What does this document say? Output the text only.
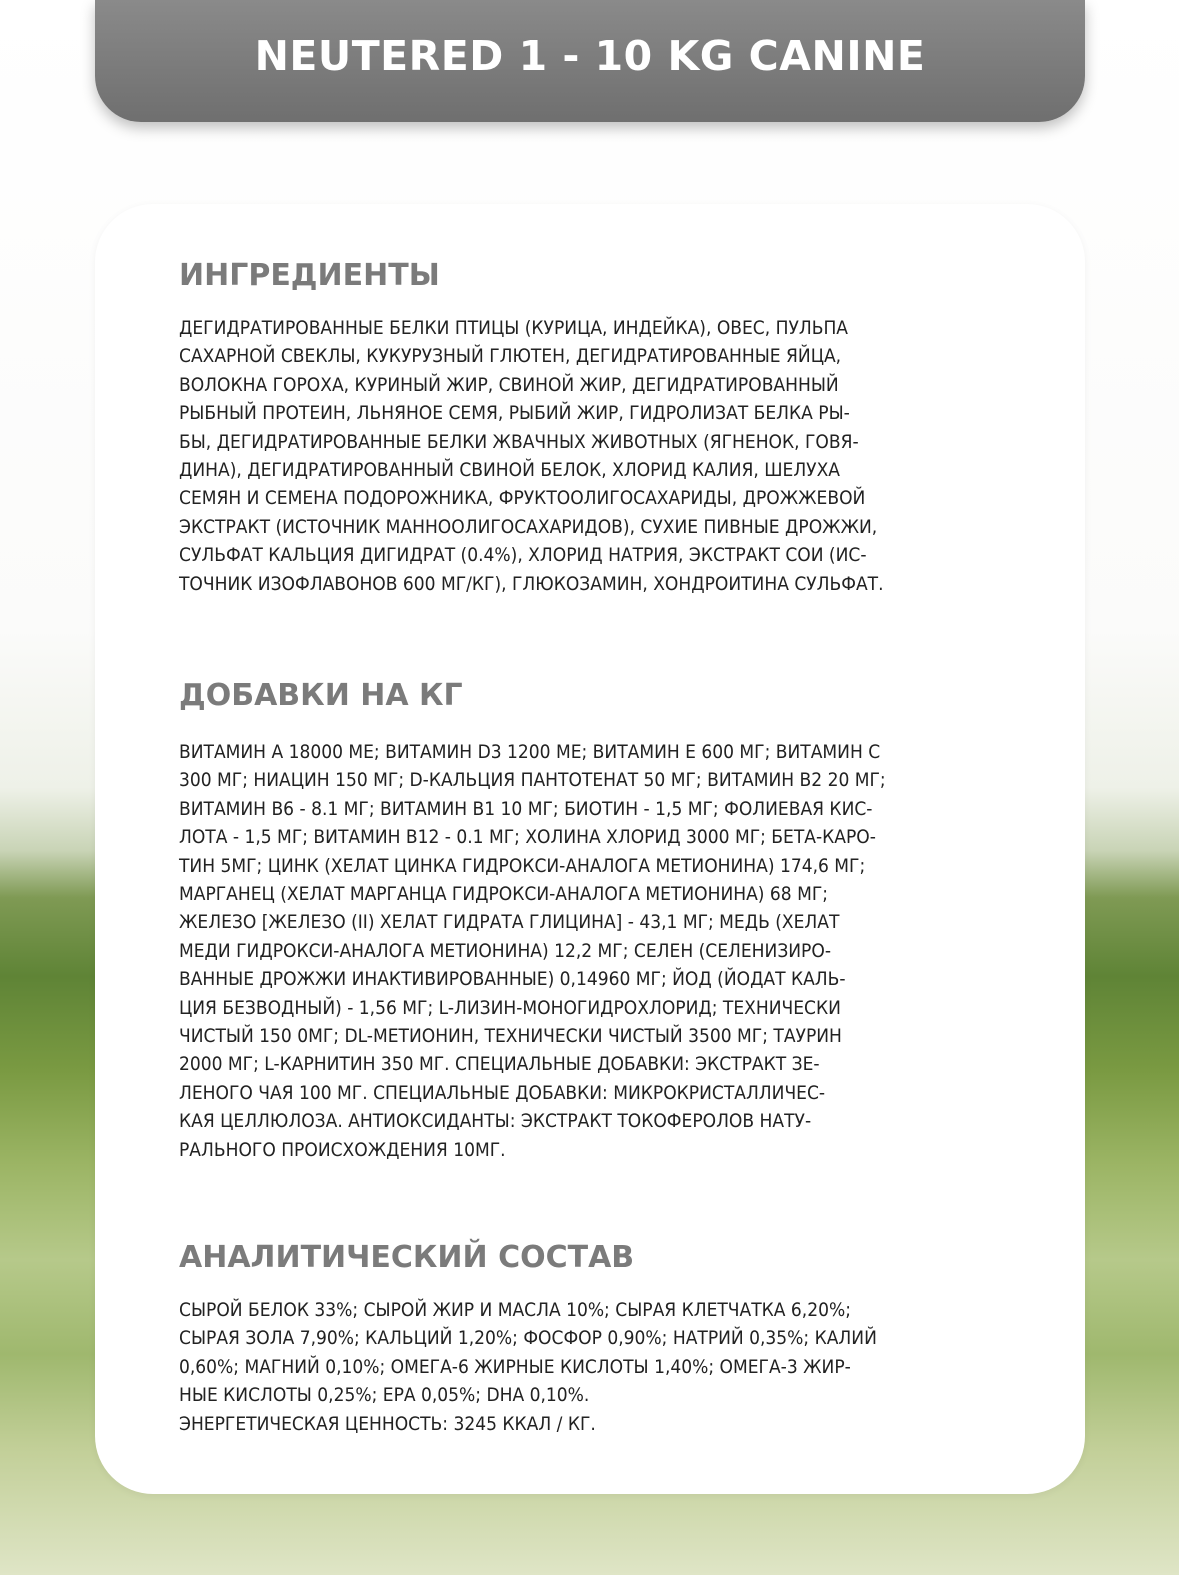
NEUTERED 1 - 10 KG CANINE
ИНГРЕДИЕНТЫ

ДЕГИДРАТИРОВАННЫЕ БЕЛКИ ПТИЦЫ (КУРИЦА, ИНДЕЙКА), ОВЕС, ПУЛЬПА
САХАРНОЙ СВЕКЛЫ, КУКУРУЗНЫЙ ГЛЮТЕН, ДЕГИДРАТИРОВАННЫЕ ЯЙЦА,
ВОЛОКНА ГОРОХА, КУРИНЫЙ ЖИР, СВИНОЙ ЖИР, ДЕГИДРАТИРОВАННЫЙ
РЫБНЫЙ ПРОТЕИН, ЛЬНЯНОЕ СЕМЯ, РЫБИЙ ЖИР, ГИДРОЛИЗАТ БЕЛКА РЫ-
БЫ, ДЕГИДРАТИРОВАННЫЕ БЕЛКИ ЖВАЧНЫХ ЖИВОТНЫХ (ЯГНЕНОК, ГОВЯ-
ДИНА), ДЕГИДРАТИРОВАННЫЙ СВИНОЙ БЕЛОК, ХЛОРИД КАЛИЯ, ШЕЛУХА
СЕМЯН И СЕМЕНА ПОДОРОЖНИКА, ФРУКТООЛИГОСАХАРИДЫ, ДРОЖЖЕВОЙ
ЭКСТРАКТ (ИСТОЧНИК МАННООЛИГОСАХАРИДОВ), СУХИЕ ПИВНЫЕ ДРОЖЖИ,
СУЛЬФАТ КАЛЬЦИЯ ДИГИДРАТ (0.4%), ХЛОРИД НАТРИЯ, ЭКСТРАКТ СОИ (ИС-
ТОЧНИК ИЗОФЛАВОНОВ 600 МГ/КГ), ГЛЮКОЗАМИН, ХОНДРОИТИНА СУЛЬФАТ.

ДОБАВКИ НА КГ

ВИТАМИН А 18000 МЕ; ВИТАМИН D3 1200 МЕ; ВИТАМИН Е 600 МГ; ВИТАМИН С
300 МГ; НИАЦИН 150 МГ; D-КАЛЬЦИЯ ПАНТОТЕНАТ 50 МГ; ВИТАМИН В2 20 МГ;
ВИТАМИН В6 - 8.1 МГ; ВИТАМИН В1 10 МГ; БИОТИН - 1,5 МГ; ФОЛИЕВАЯ КИС-
ЛОТА - 1,5 МГ; ВИТАМИН В12 - 0.1 МГ; ХОЛИНА ХЛОРИД 3000 МГ; БЕТА-КАРО-
ТИН 5МГ; ЦИНК (ХЕЛАТ ЦИНКА ГИДРОКСИ-АНАЛОГА МЕТИОНИНА) 174,6 МГ;
МАРГАНЕЦ (ХЕЛАТ МАРГАНЦА ГИДРОКСИ-АНАЛОГА МЕТИОНИНА) 68 МГ;
ЖЕЛЕЗО [ЖЕЛЕЗО (II) ХЕЛАТ ГИДРАТА ГЛИЦИНА] - 43,1 МГ; МЕДЬ (ХЕЛАТ
МЕДИ ГИДРОКСИ-АНАЛОГА МЕТИОНИНА) 12,2 МГ; СЕЛЕН (СЕЛЕНИЗИРО-
ВАННЫЕ ДРОЖЖИ ИНАКТИВИРОВАННЫЕ) 0,14960 МГ; ЙОД (ЙОДАТ КАЛЬ-
ЦИЯ БЕЗВОДНЫЙ) - 1,56 МГ; L-ЛИЗИН-МОНОГИДРОХЛОРИД; ТЕХНИЧЕСКИ
ЧИСТЫЙ 150 0МГ; DL-МЕТИОНИН, ТЕХНИЧЕСКИ ЧИСТЫЙ 3500 МГ; ТАУРИН
2000 МГ; L-КАРНИТИН 350 МГ. СПЕЦИАЛЬНЫЕ ДОБАВКИ: ЭКСТРАКТ ЗЕ-
ЛЕНОГО ЧАЯ 100 МГ. СПЕЦИАЛЬНЫЕ ДОБАВКИ: МИКРОКРИСТАЛЛИЧЕС-
КАЯ ЦЕЛЛЮЛОЗА. АНТИОКСИДАНТЫ: ЭКСТРАКТ ТОКОФЕРОЛОВ НАТУ-
РАЛЬНОГО ПРОИСХОЖДЕНИЯ 10МГ.

АНАЛИТИЧЕСКИЙ СОСТАВ

СЫРОЙ БЕЛОК 33%; СЫРОЙ ЖИР И МАСЛА 10%; СЫРАЯ КЛЕТЧАТКА 6,20%;
СЫРАЯ ЗОЛА 7,90%; КАЛЬЦИЙ 1,20%; ФОСФОР 0,90%; НАТРИЙ 0,35%; КАЛИЙ
0,60%; МАГНИЙ 0,10%; ОМЕГА-6 ЖИРНЫЕ КИСЛОТЫ 1,40%; ОМЕГА-3 ЖИР-
НЫЕ КИСЛОТЫ 0,25%; ЕРА 0,05%; DHA 0,10%.
ЭНЕРГЕТИЧЕСКАЯ ЦЕННОСТЬ: 3245 ККАЛ / КГ.
